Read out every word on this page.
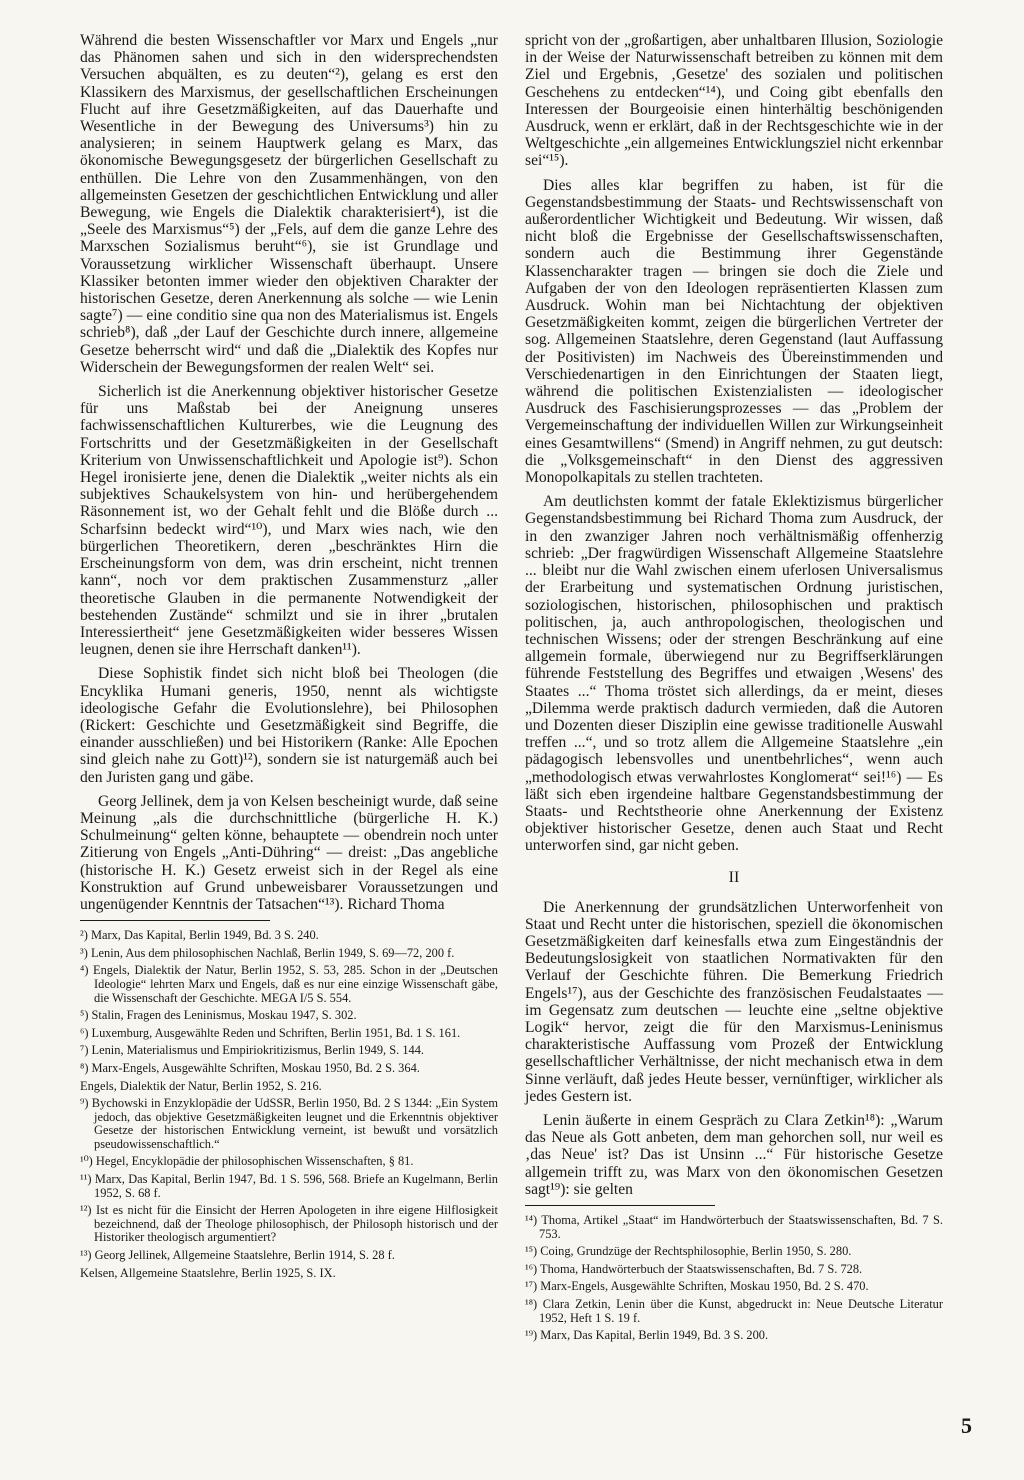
Während die besten Wissenschaftler vor Marx und Engels „nur das Phänomen sahen und sich in den widersprechendsten Versuchen abquälten, es zu deuten“²), gelang es erst den Klassikern des Marxismus, der gesellschaftlichen Erscheinungen Flucht auf ihre Gesetzmäßigkeiten, auf das Dauerhafte und Wesentliche in der Bewegung des Universums³) hin zu analysieren; in seinem Hauptwerk gelang es Marx, das ökonomische Bewegungsgesetz der bürgerlichen Gesellschaft zu enthüllen. Die Lehre von den Zusammenhängen, von den allgemeinsten Gesetzen der geschichtlichen Entwicklung und aller Bewegung, wie Engels die Dialektik charakterisiert⁴), ist die „Seele des Marxismus“⁵) der „Fels, auf dem die ganze Lehre des Marxschen Sozialismus beruht“⁶), sie ist Grundlage und Voraussetzung wirklicher Wissenschaft überhaupt. Unsere Klassiker betonten immer wieder den objektiven Charakter der historischen Gesetze, deren Anerkennung als solche — wie Lenin sagte⁷) — eine conditio sine qua non des Materialismus ist. Engels schrieb⁸), daß „der Lauf der Geschichte durch innere, allgemeine Gesetze beherrscht wird“ und daß die „Dialektik des Kopfes nur Widerschein der Bewegungsformen der realen Welt“ sei.

Sicherlich ist die Anerkennung objektiver historischer Gesetze für uns Maßstab bei der Aneignung unseres fachwissenschaftlichen Kulturerbes, wie die Leugnung des Fortschritts und der Gesetzmäßigkeiten in der Gesellschaft Kriterium von Unwissenschaftlichkeit und Apologie ist⁹). Schon Hegel ironisierte jene, denen die Dialektik „weiter nichts als ein subjektives Schaukelsystem von hin- und herübergehendem Räsonnement ist, wo der Gehalt fehlt und die Blöße durch ... Scharfsinn bedeckt wird“¹⁰), und Marx wies nach, wie den bürgerlichen Theoretikern, deren „beschränktes Hirn die Erscheinungsform von dem, was drin erscheint, nicht trennen kann“, noch vor dem praktischen Zusammensturz „aller theoretische Glauben in die permanente Notwendigkeit der bestehenden Zustände“ schmilzt und sie in ihrer „brutalen Interessiertheit“ jene Gesetzmäßigkeiten wider besseres Wissen leugnen, denen sie ihre Herrschaft danken¹¹).

Diese Sophistik findet sich nicht bloß bei Theologen (die Encyklika Humani generis, 1950, nennt als wichtigste ideologische Gefahr die Evolutionslehre), bei Philosophen (Rickert: Geschichte und Gesetzmäßigkeit sind Begriffe, die einander ausschließen) und bei Historikern (Ranke: Alle Epochen sind gleich nahe zu Gott)¹²), sondern sie ist naturgemäß auch bei den Juristen gang und gäbe.

Georg Jellinek, dem ja von Kelsen bescheinigt wurde, daß seine Meinung „als die durchschnittliche (bürgerliche H. K.) Schulmeinung“ gelten könne, behauptete — obendrein noch unter Zitierung von Engels „Anti-Dühring“ — dreist: „Das angebliche (historische H. K.) Gesetz erweist sich in der Regel als eine Konstruktion auf Grund unbeweisbarer Voraussetzungen und ungenügender Kenntnis der Tatsachen“¹³). Richard Thoma

²) Marx, Das Kapital, Berlin 1949, Bd. 3 S. 240.
³) Lenin, Aus dem philosophischen Nachlaß, Berlin 1949, S. 69—72, 200 f.
⁴) Engels, Dialektik der Natur, Berlin 1952, S. 53, 285. Schon in der „Deutschen Ideologie“ lehrten Marx und Engels, daß es nur eine einzige Wissenschaft gäbe, die Wissenschaft der Geschichte. MEGA I/5 S. 554.
⁵) Stalin, Fragen des Leninismus, Moskau 1947, S. 302.
⁶) Luxemburg, Ausgewählte Reden und Schriften, Berlin 1951, Bd. 1 S. 161.
⁷) Lenin, Materialismus und Empiriokritizismus, Berlin 1949, S. 144.
⁸) Marx-Engels, Ausgewählte Schriften, Moskau 1950, Bd. 2 S. 364.
Engels, Dialektik der Natur, Berlin 1952, S. 216.
⁹) Bychowski in Enzyklopädie der UdSSR, Berlin 1950, Bd. 2 S 1344: „Ein System jedoch, das objektive Gesetzmäßigkeiten leugnet und die Erkenntnis objektiver Gesetze der historischen Entwicklung verneint, ist bewußt und vorsätzlich pseudowissenschaftlich.“
¹⁰) Hegel, Encyklopädie der philosophischen Wissenschaften, § 81.
¹¹) Marx, Das Kapital, Berlin 1947, Bd. 1 S. 596, 568. Briefe an Kugelmann, Berlin 1952, S. 68 f.
¹²) Ist es nicht für die Einsicht der Herren Apologeten in ihre eigene Hilflosigkeit bezeichnend, daß der Theologe philosophisch, der Philosoph historisch und der Historiker theologisch argumentiert?
¹³) Georg Jellinek, Allgemeine Staatslehre, Berlin 1914, S. 28 f.
Kelsen, Allgemeine Staatslehre, Berlin 1925, S. IX.

spricht von der „großartigen, aber unhaltbaren Illusion, Soziologie in der Weise der Naturwissenschaft betreiben zu können mit dem Ziel und Ergebnis, ‚Gesetze' des sozialen und politischen Geschehens zu entdecken“¹⁴), und Coing gibt ebenfalls den Interessen der Bourgeoisie einen hinterhältig beschönigenden Ausdruck, wenn er erklärt, daß in der Rechtsgeschichte wie in der Weltgeschichte „ein allgemeines Entwicklungsziel nicht erkennbar sei“¹⁵).

Dies alles klar begriffen zu haben, ist für die Gegenstandsbestimmung der Staats- und Rechtswissenschaft von außerordentlicher Wichtigkeit und Bedeutung. Wir wissen, daß nicht bloß die Ergebnisse der Gesellschaftswissenschaften, sondern auch die Bestimmung ihrer Gegenstände Klassencharakter tragen — bringen sie doch die Ziele und Aufgaben der von den Ideologen repräsentierten Klassen zum Ausdruck. Wohin man bei Nichtachtung der objektiven Gesetzmäßigkeiten kommt, zeigen die bürgerlichen Vertreter der sog. Allgemeinen Staatslehre, deren Gegenstand (laut Auffassung der Positivisten) im Nachweis des Übereinstimmenden und Verschiedenartigen in den Einrichtungen der Staaten liegt, während die politischen Existenzialisten — ideologischer Ausdruck des Faschisierungsprozesses — das „Problem der Vergemeinschaftung der individuellen Willen zur Wirkungseinheit eines Gesamtwillens“ (Smend) in Angriff nehmen, zu gut deutsch: die „Volksgemeinschaft“ in den Dienst des aggressiven Monopolkapitals zu stellen trachteten.

Am deutlichsten kommt der fatale Eklektizismus bürgerlicher Gegenstandsbestimmung bei Richard Thoma zum Ausdruck, der in den zwanziger Jahren noch verhältnismäßig offenherzig schrieb: „Der fragwürdigen Wissenschaft Allgemeine Staatslehre ... bleibt nur die Wahl zwischen einem uferlosen Universalismus der Erarbeitung und systematischen Ordnung juristischen, soziologischen, historischen, philosophischen und praktisch politischen, ja, auch anthropologischen, theologischen und technischen Wissens; oder der strengen Beschränkung auf eine allgemein formale, überwiegend nur zu Begriffserklärungen führende Feststellung des Begriffes und etwaigen ‚Wesens' des Staates ...“ Thoma tröstet sich allerdings, da er meint, dieses „Dilemma werde praktisch dadurch vermieden, daß die Autoren und Dozenten dieser Disziplin eine gewisse traditionelle Auswahl treffen ...“, und so trotz allem die Allgemeine Staatslehre „ein pädagogisch lebensvolles und unentbehrliches“, wenn auch „methodologisch etwas verwahrlostes Konglomerat“ sei!¹⁶) — Es läßt sich eben irgendeine haltbare Gegenstandsbestimmung der Staats- und Rechtstheorie ohne Anerkennung der Existenz objektiver historischer Gesetze, denen auch Staat und Recht unterworfen sind, gar nicht geben.

II

Die Anerkennung der grundsätzlichen Unterworfenheit von Staat und Recht unter die historischen, speziell die ökonomischen Gesetzmäßigkeiten darf keinesfalls etwa zum Eingeständnis der Bedeutungslosigkeit von staatlichen Normativakten für den Verlauf der Geschichte führen. Die Bemerkung Friedrich Engels¹⁷), aus der Geschichte des französischen Feudalstaates — im Gegensatz zum deutschen — leuchte eine „seltne objektive Logik“ hervor, zeigt die für den Marxismus-Leninismus charakteristische Auffassung vom Prozeß der Entwicklung gesellschaftlicher Verhältnisse, der nicht mechanisch etwa in dem Sinne verläuft, daß jedes Heute besser, vernünftiger, wirklicher als jedes Gestern ist.

Lenin äußerte in einem Gespräch zu Clara Zetkin¹⁸): „Warum das Neue als Gott anbeten, dem man gehorchen soll, nur weil es ‚das Neue' ist? Das ist Unsinn ...“ Für historische Gesetze allgemein trifft zu, was Marx von den ökonomischen Gesetzen sagt¹⁹): sie gelten

¹⁴) Thoma, Artikel „Staat“ im Handwörterbuch der Staatswissenschaften, Bd. 7 S. 753.
¹⁵) Coing, Grundzüge der Rechtsphilosophie, Berlin 1950, S. 280.
¹⁶) Thoma, Handwörterbuch der Staatswissenschaften, Bd. 7 S. 728.
¹⁷) Marx-Engels, Ausgewählte Schriften, Moskau 1950, Bd. 2 S. 470.
¹⁸) Clara Zetkin, Lenin über die Kunst, abgedruckt in: Neue Deutsche Literatur 1952, Heft 1 S. 19 f.
¹⁹) Marx, Das Kapital, Berlin 1949, Bd. 3 S. 200.
5
